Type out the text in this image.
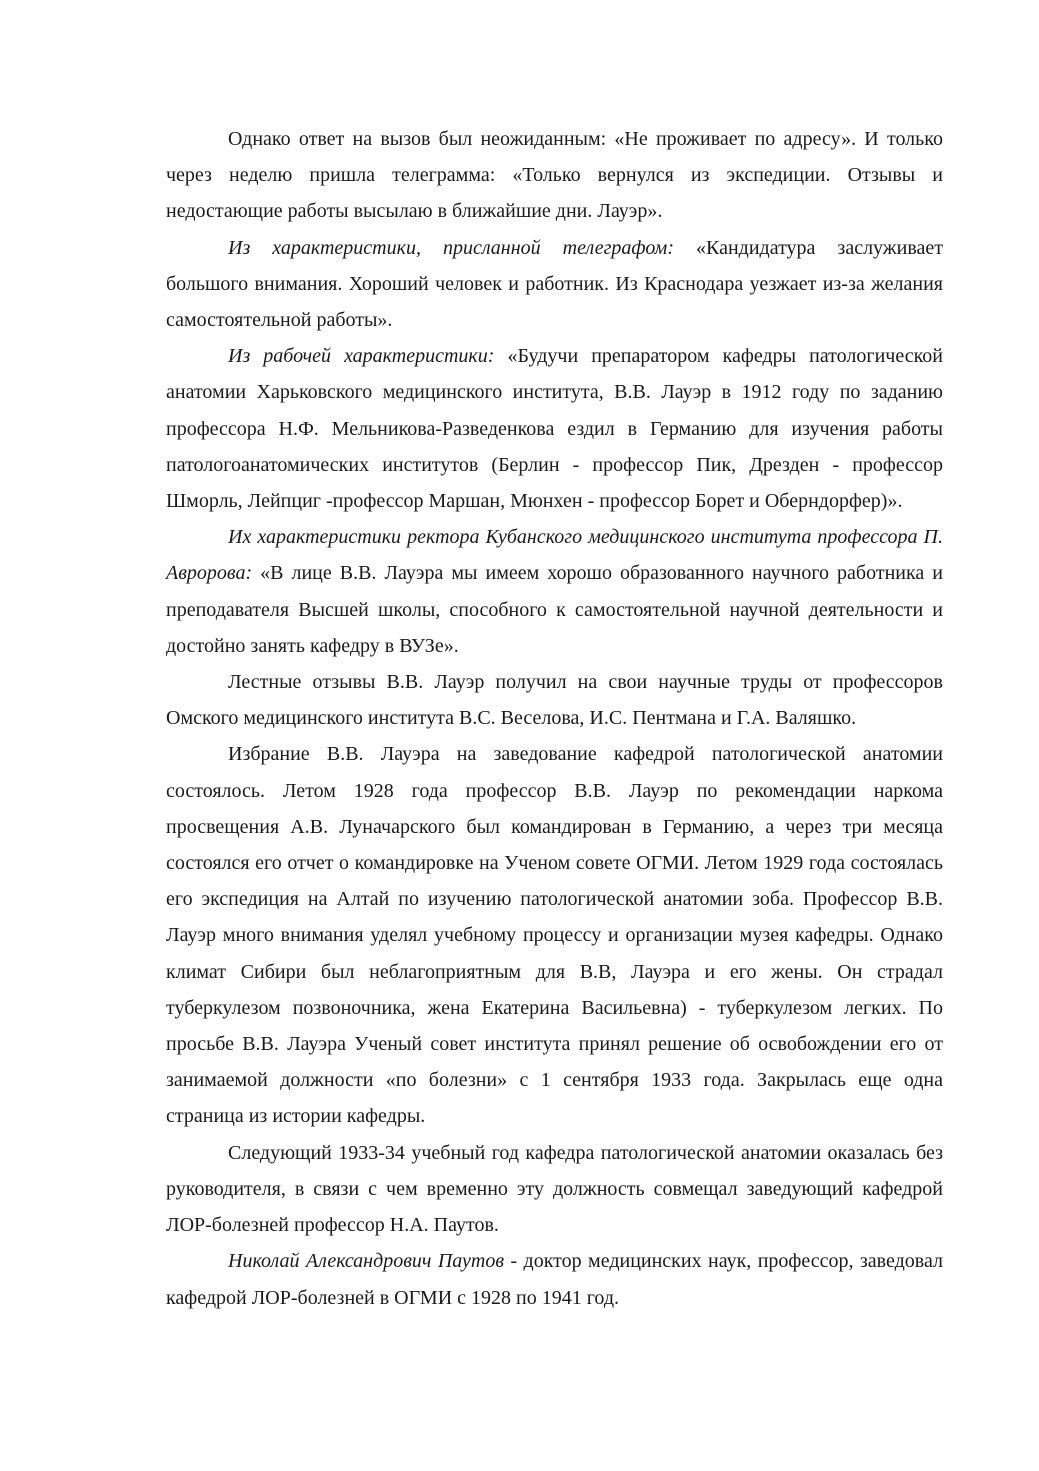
Однако ответ на вызов был неожиданным: «Не проживает по адресу». И только через неделю пришла телеграмма: «Только вернулся из экспедиции. Отзывы и недостающие работы высылаю в ближайшие дни. Лауэр».

Из характеристики, присланной телеграфом: «Кандидатура заслуживает большого внимания. Хороший человек и работник. Из Краснодара уезжает из-за желания самостоятельной работы».

Из рабочей характеристики: «Будучи препаратором кафедры патологической анатомии Харьковского медицинского института, В.В. Лауэр в 1912 году по заданию профессора Н.Ф. Мельникова-Разведенкова ездил в Германию для изучения работы патологоанатомических институтов (Берлин - профессор Пик, Дрезден - профессор Шморль, Лейпциг -профессор Маршан, Мюнхен - профессор Борет и Оберндорфер)».

Их характеристики ректора Кубанского медицинского института профессора П. Авророва: «В лице В.В. Лауэра мы имеем хорошо образованного научного работника и преподавателя Высшей школы, способного к самостоятельной научной деятельности и достойно занять кафедру в ВУЗе».

Лестные отзывы В.В. Лауэр получил на свои научные труды от профессоров Омского медицинского института В.С. Веселова, И.С. Пентмана и Г.А. Валяшко.

Избрание В.В. Лауэра на заведование кафедрой патологической анатомии состоялось. Летом 1928 года профессор В.В. Лауэр по рекомендации наркома просвещения А.В. Луначарского был командирован в Германию, а через три месяца состоялся его отчет о командировке на Ученом совете ОГМИ. Летом 1929 года состоялась его экспедиция на Алтай по изучению патологической анатомии зоба. Профессор В.В. Лауэр много внимания уделял учебному процессу и организации музея кафедры. Однако климат Сибири был неблагоприятным для В.В, Лауэра и его жены. Он страдал туберкулезом позвоночника, жена Екатерина Васильевна) - туберкулезом легких. По просьбе В.В. Лауэра Ученый совет института принял решение об освобождении его от занимаемой должности «по болезни» с 1 сентября 1933 года. Закрылась еще одна страница из истории кафедры.

Следующий 1933-34 учебный год кафедра патологической анатомии оказалась без руководителя, в связи с чем временно эту должность совмещал заведующий кафедрой ЛОР-болезней профессор Н.А. Паутов.

Николай Александрович Паутов - доктор медицинских наук, профессор, заведовал кафедрой ЛОР-болезней в ОГМИ с 1928 по 1941 год.
